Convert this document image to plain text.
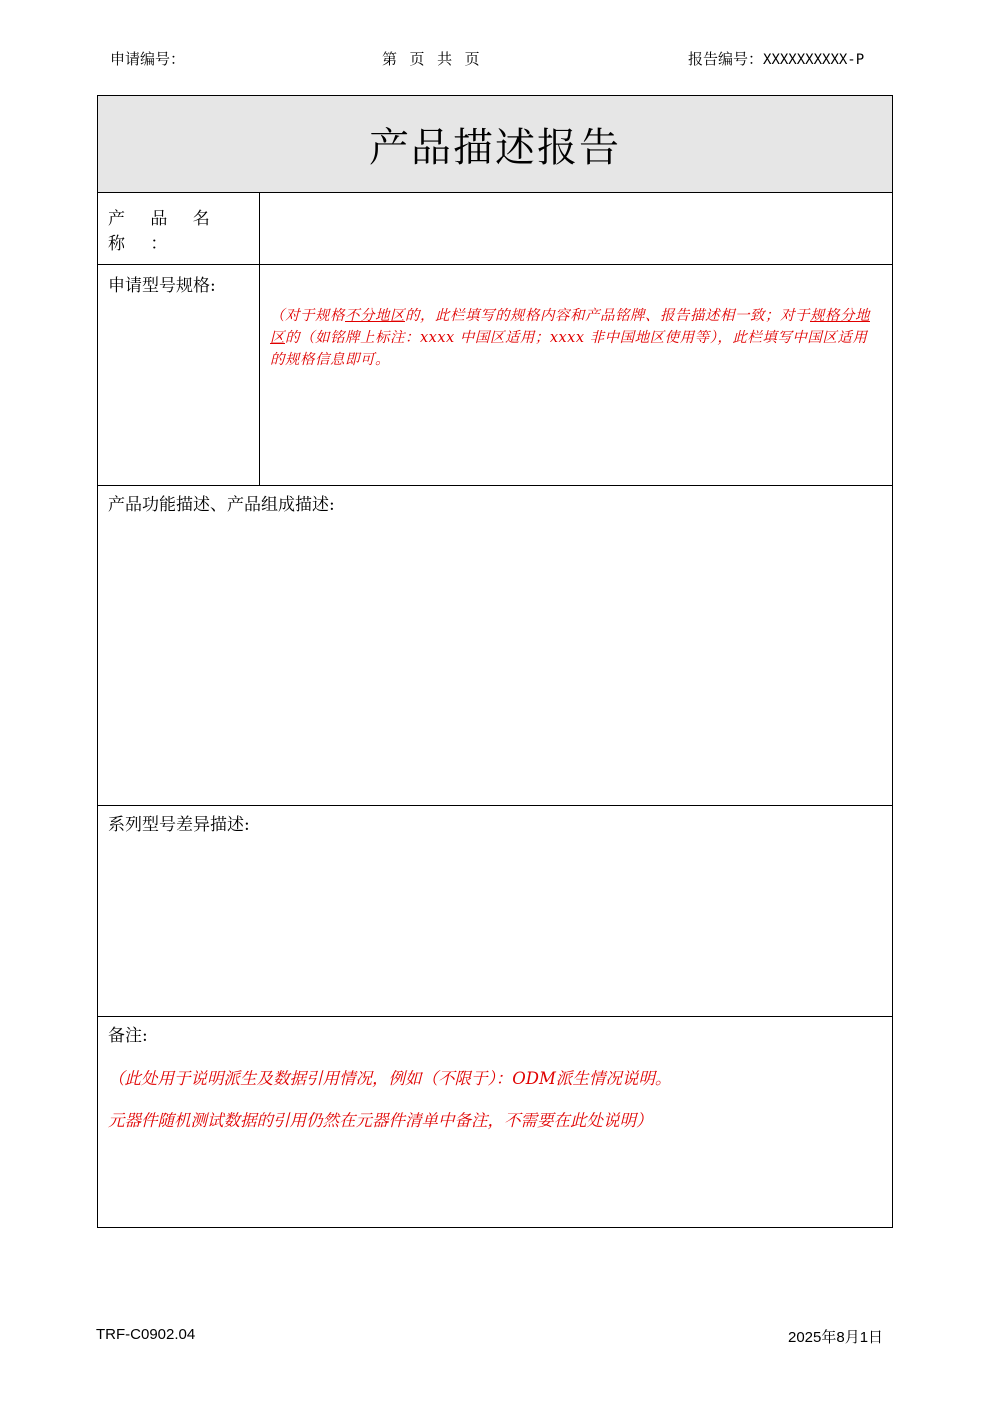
申请编号：	第  页  共  页	报告编号：XXXXXXXXXX-P
产品描述报告
产 品 名 称 ：
申请型号规格:
（对于规格不分地区的，此栏填写的规格内容和产品铭牌、报告描述相一致；对于规格分地区的（如铭牌上标注：xxxx 中国区适用；xxxx 非中国地区使用等），此栏填写中国区适用的规格信息即可。
产品功能描述、产品组成描述:
系列型号差异描述:
备注:

（此处用于说明派生及数据引用情况，例如（不限于）：ODM派生情况说明。

元器件随机测试数据的引用仍然在元器件清单中备注，不需要在此处说明）

TRF-C0902.04	2025年8月1日
